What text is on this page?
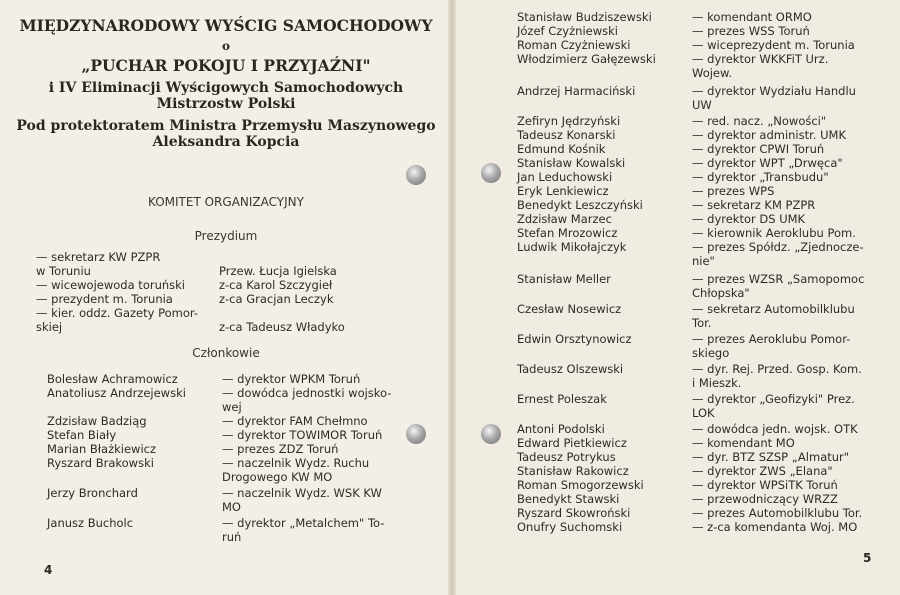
MIĘDZYNARODOWY WYŚCIG SAMOCHODOWY
o
„PUCHAR POKOJU I PRZYJAŹNI"
i IV Eliminacji Wyścigowych Samochodowych
Mistrzostw Polski
Pod protektoratem Ministra Przemysłu Maszynowego
Aleksandra Kopcia
KOMITET ORGANIZACYJNY
Prezydium
Członkowie
— sekretarz KW PZPR
w Toruniu	Przew. Łucja Igielska
— wicewojewoda toruński	z-ca Karol Szczygieł
— prezydent m. Torunia	z-ca Gracjan Leczyk
— kier. oddz. Gazety Pomor-
skiej	z-ca Tadeusz Władyko
Bolesław Achramowicz	— dyrektor WPKM Toruń
Anatoliusz Andrzejewski	— dowódca jednostki wojsko-
wej
Zdzisław Badziąg	— dyrektor FAM Chełmno
Stefan Biały	— dyrektor TOWIMOR Toruń
Marian Błażkiewicz	— prezes ZDZ Toruń
Ryszard Brakowski	— naczelnik Wydz. Ruchu
Drogowego KW MO
Jerzy Bronchard	— naczelnik Wydz. WSK KW
MO
Janusz Bucholc	— dyrektor „Metalchem" To-
ruń
Stanisław Budziszewski	— komendant ORMO
Józef Czyżniewski	— prezes WSS Toruń
Roman Czyżniewski	— wiceprezydent m. Torunia
Włodzimierz Gałęzewski	— dyrektor WKKFiT Urz.
Wojew.
Andrzej Harmaciński	— dyrektor Wydziału Handlu
UW
Zefiryn Jędrzyński	— red. nacz. „Nowości"
Tadeusz Konarski	— dyrektor administr. UMK
Edmund Kośnik	— dyrektor CPWI Toruń
Stanisław Kowalski	— dyrektor WPT „Drwęca"
Jan Leduchowski	— dyrektor „Transbudu"
Eryk Lenkiewicz	— prezes WPS
Benedykt Leszczyński	— sekretarz KM PZPR
Zdzisław Marzec	— dyrektor DS UMK
Stefan Mrozowicz	— kierownik Aeroklubu Pom.
Ludwik Mikołajczyk	— prezes Spółdz. „Zjednocze-
nie"
Stanisław Meller	— prezes WZSR „Samopomoc
Chłopska"
Czesław Nosewicz	— sekretarz Automobilklubu
Tor.
Edwin Orsztynowicz	— prezes Aeroklubu Pomor-
skiego
Tadeusz Olszewski	— dyr. Rej. Przed. Gosp. Kom.
i Mieszk.
Ernest Poleszak	— dyrektor „Geofizyki" Prez.
LOK
Antoni Podolski	— dowódca jedn. wojsk. OTK
Edward Pietkiewicz	— komendant MO
Tadeusz Potrykus	— dyr. BTZ SZSP „Almatur"
Stanisław Rakowicz	— dyrektor ZWS „Elana"
Roman Smogorzewski	— dyrektor WPSiTK Toruń
Benedykt Stawski	— przewodniczący WRZZ
Ryszard Skowroński	— prezes Automobilklubu Tor.
Onufry Suchomski	— z-ca komendanta Woj. MO
4
5
